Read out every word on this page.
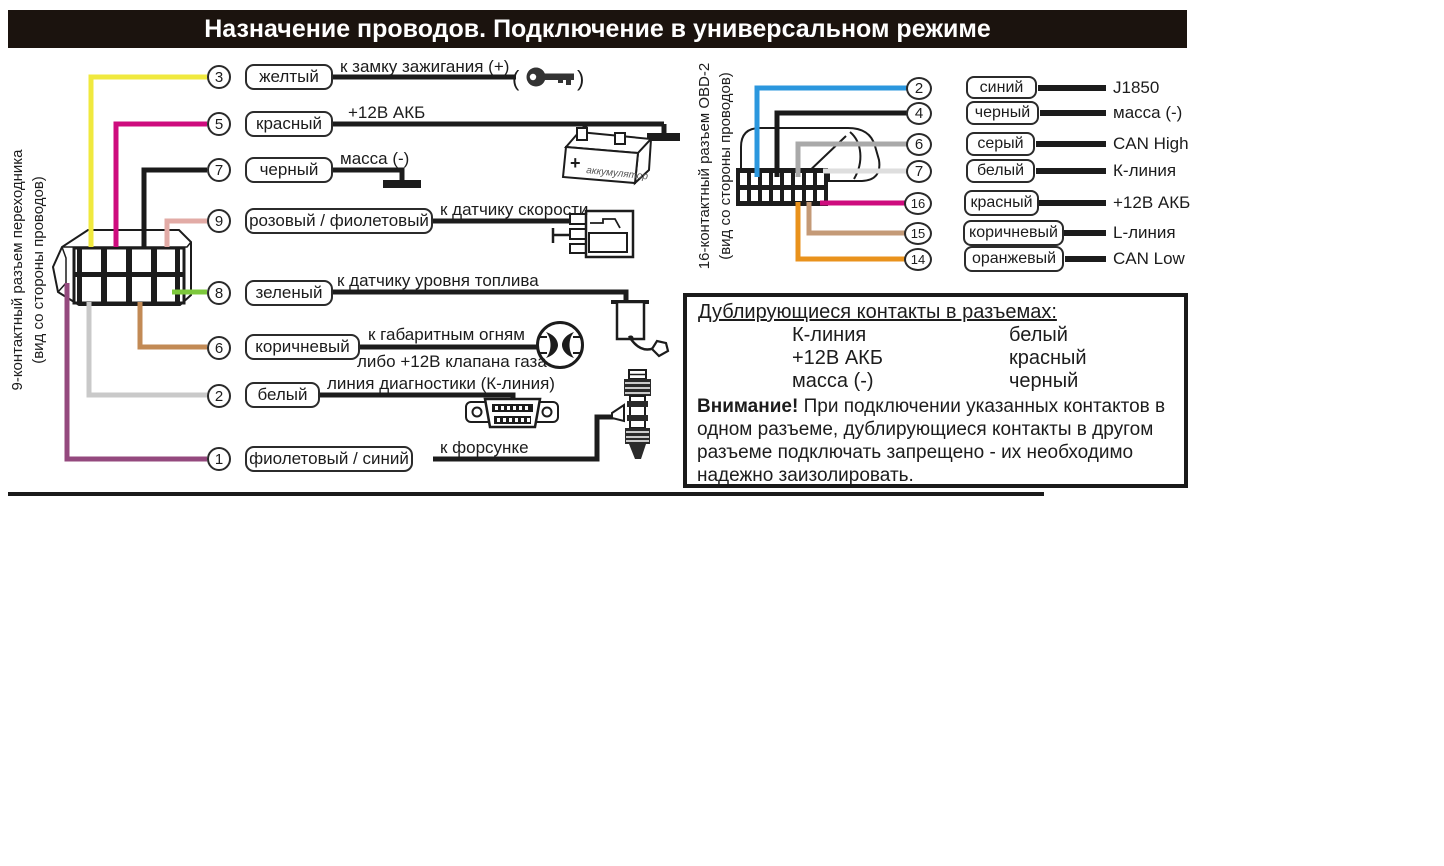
Назначение проводов. Подключение в универсальном режиме
(	)
+
аккумулятор
9-контактный разъем переходника (вид со стороны проводов)
16-контактный разъем OBD-2 (вид со стороны проводов)
3
5
7
9
8
6
2
1
желтый
красный
черный
розовый / фиолетовый
зеленый
коричневый
белый
фиолетовый / синий
к замку зажигания (+)
+12В АКБ
масса (-)
к датчику скорости
к датчику уровня топлива
к габаритным огням
либо +12В клапана газа
линия диагностики (К-линия)
к форсунке
2
4
6
7
16
15
14
синий
черный
серый
белый
красный
коричневый
оранжевый
J1850
масса (-)
CAN High
К-линия
+12В АКБ
L-линия
CAN Low
Дублирующиеся контакты в разъемах:
К-линия	белый
+12В АКБ	красный
масса (-)	черный
Внимание! При подключении указанных контактов в одном разъеме, дублирующиеся контакты в другом разъеме подключать запрещено - их необходимо надежно заизолировать.
